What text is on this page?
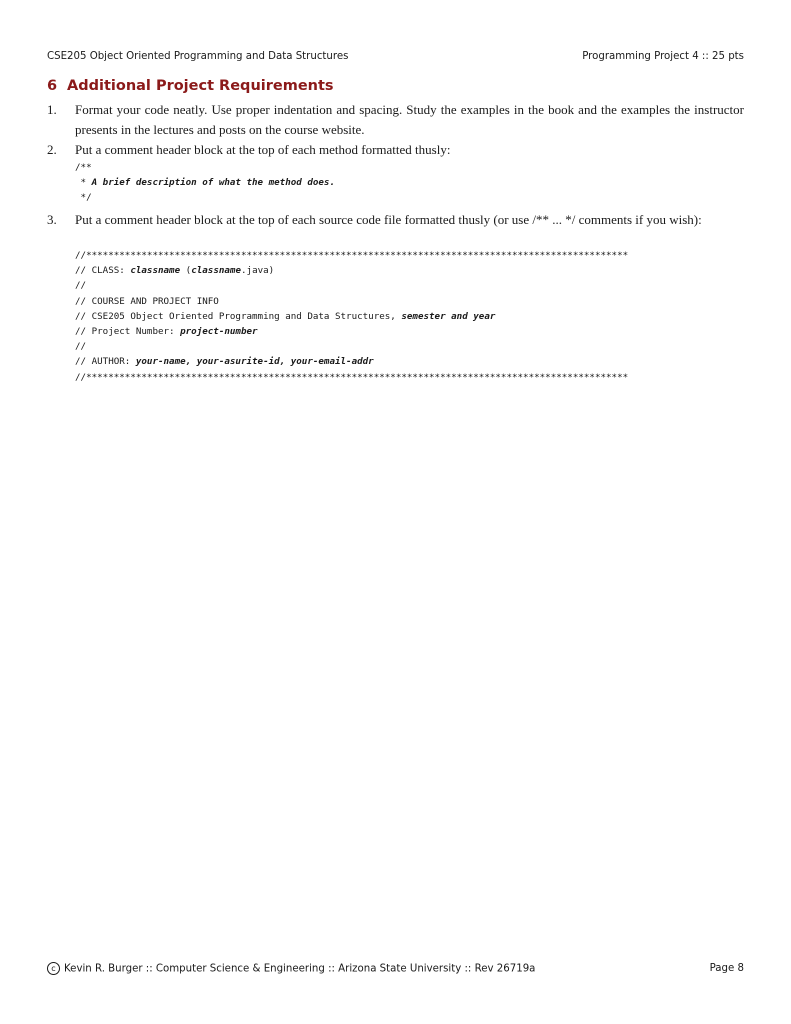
CSE205 Object Oriented Programming and Data Structures	Programming Project 4 :: 25 pts
6 Additional Project Requirements
1. Format your code neatly. Use proper indentation and spacing. Study the examples in the book and the examples the instructor presents in the lectures and posts on the course website.
2. Put a comment header block at the top of each method formatted thusly:
/**
* A brief description of what the method does.
*/
3. Put a comment header block at the top of each source code file formatted thusly (or use /** ... */ comments if you wish):
//**************************************************************************************************
// CLASS: classname (classname.java)
//
// COURSE AND PROJECT INFO
// CSE205 Object Oriented Programming and Data Structures, semester and year
// Project Number: project-number
//
// AUTHOR: your-name, your-asurite-id, your-email-addr
//**************************************************************************************************
c Kevin R. Burger :: Computer Science & Engineering :: Arizona State University :: Rev 26719a	Page 8
